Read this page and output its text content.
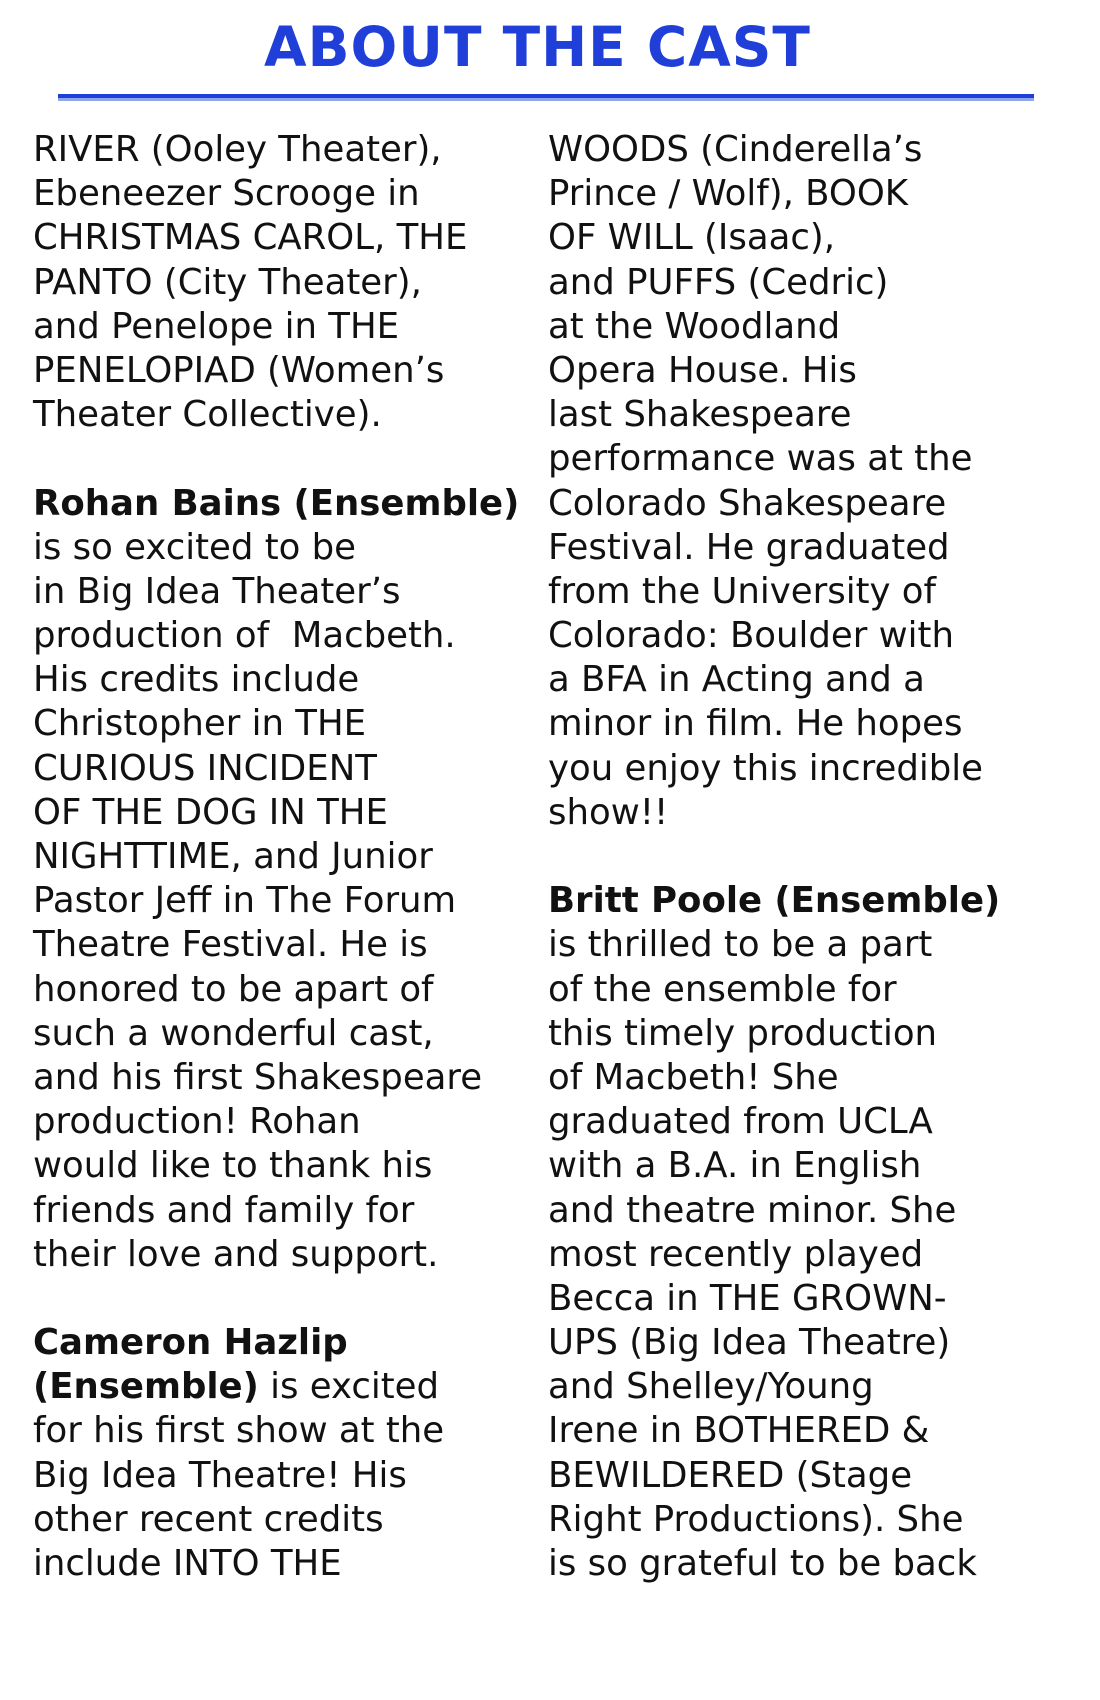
ABOUT THE CAST
RIVER (Ooley Theater),
Ebeneezer Scrooge in
CHRISTMAS CAROL, THE
PANTO (City Theater),
and Penelope in THE
PENELOPIAD (Women’s
Theater Collective).
Rohan Bains (Ensemble)
is so excited to be
in Big Idea Theater’s
production of  Macbeth.
His credits include
Christopher in THE
CURIOUS INCIDENT
OF THE DOG IN THE
NIGHTTIME, and Junior
Pastor Jeff in The Forum
Theatre Festival. He is
honored to be apart of
such a wonderful cast,
and his first Shakespeare
production! Rohan
would like to thank his
friends and family for
their love and support.
Cameron Hazlip
(Ensemble) is excited
for his first show at the
Big Idea Theatre! His
other recent credits
include INTO THE
WOODS (Cinderella’s
Prince / Wolf), BOOK
OF WILL (Isaac),
and PUFFS (Cedric)
at the Woodland
Opera House. His
last Shakespeare
performance was at the
Colorado Shakespeare
Festival. He graduated
from the University of
Colorado: Boulder with
a BFA in Acting and a
minor in film. He hopes
you enjoy this incredible
show!!
Britt Poole (Ensemble)
is thrilled to be a part
of the ensemble for
this timely production
of Macbeth! She
graduated from UCLA
with a B.A. in English
and theatre minor. She
most recently played
Becca in THE GROWN-
UPS (Big Idea Theatre)
and Shelley/Young
Irene in BOTHERED &
BEWILDERED (Stage
Right Productions). She
is so grateful to be back
